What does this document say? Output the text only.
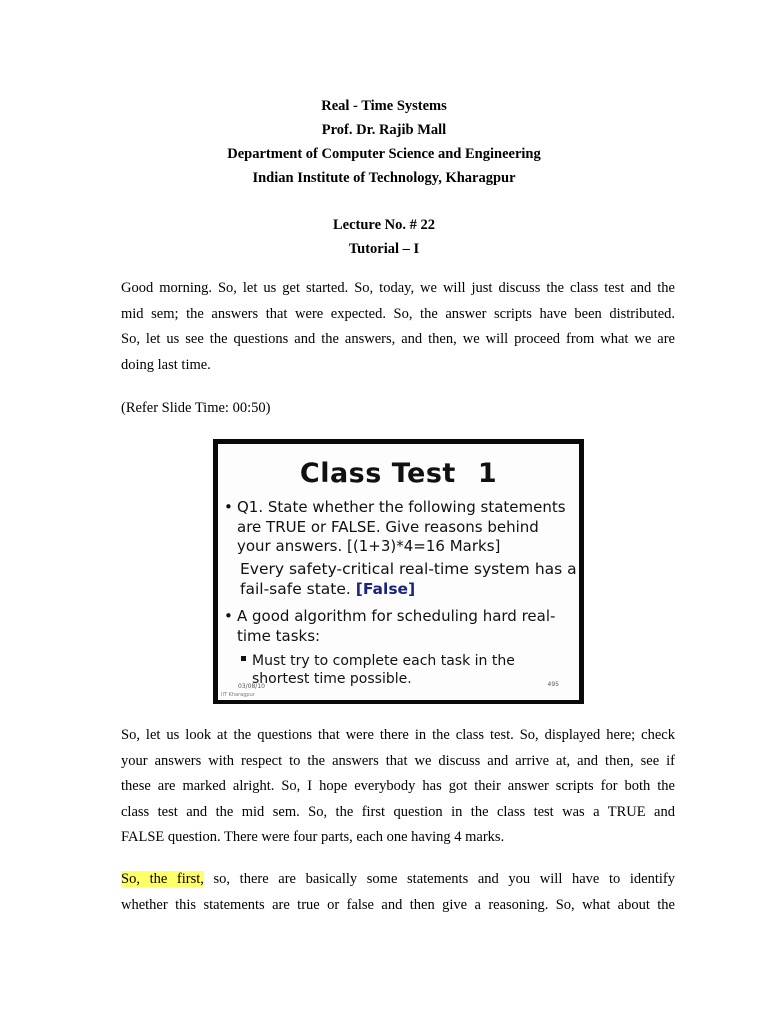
Real - Time Systems
Prof. Dr. Rajib Mall
Department of Computer Science and Engineering
Indian Institute of Technology, Kharagpur
Lecture No. # 22
Tutorial – I
Good morning. So, let us get started. So, today, we will just discuss the class test and the
mid sem; the answers that were expected. So, the answer scripts have been distributed.
So, let us see the questions and the answers, and then, we will proceed from what we are
doing last time.
(Refer Slide Time: 00:50)
Class Test 1
• Q1. State whether the following statements are TRUE or FALSE. Give reasons behind your answers. [(1+3)*4=16 Marks]
Every safety-critical real-time system has a fail-safe state. [False]
• A good algorithm for scheduling hard real-time tasks:
Must try to complete each task in the shortest time possible.
03/08/10	495
IIT Kharagpur
So, let us look at the questions that were there in the class test. So, displayed here; check
your answers with respect to the answers that we discuss and arrive at, and then, see if
these are marked alright. So, I hope everybody has got their answer scripts for both the
class test and the mid sem. So, the first question in the class test was a TRUE and
FALSE question. There were four parts, each one having 4 marks.
So, the first, so, there are basically some statements and you will have to identify
whether this statements are true or false and then give a reasoning. So, what about the
